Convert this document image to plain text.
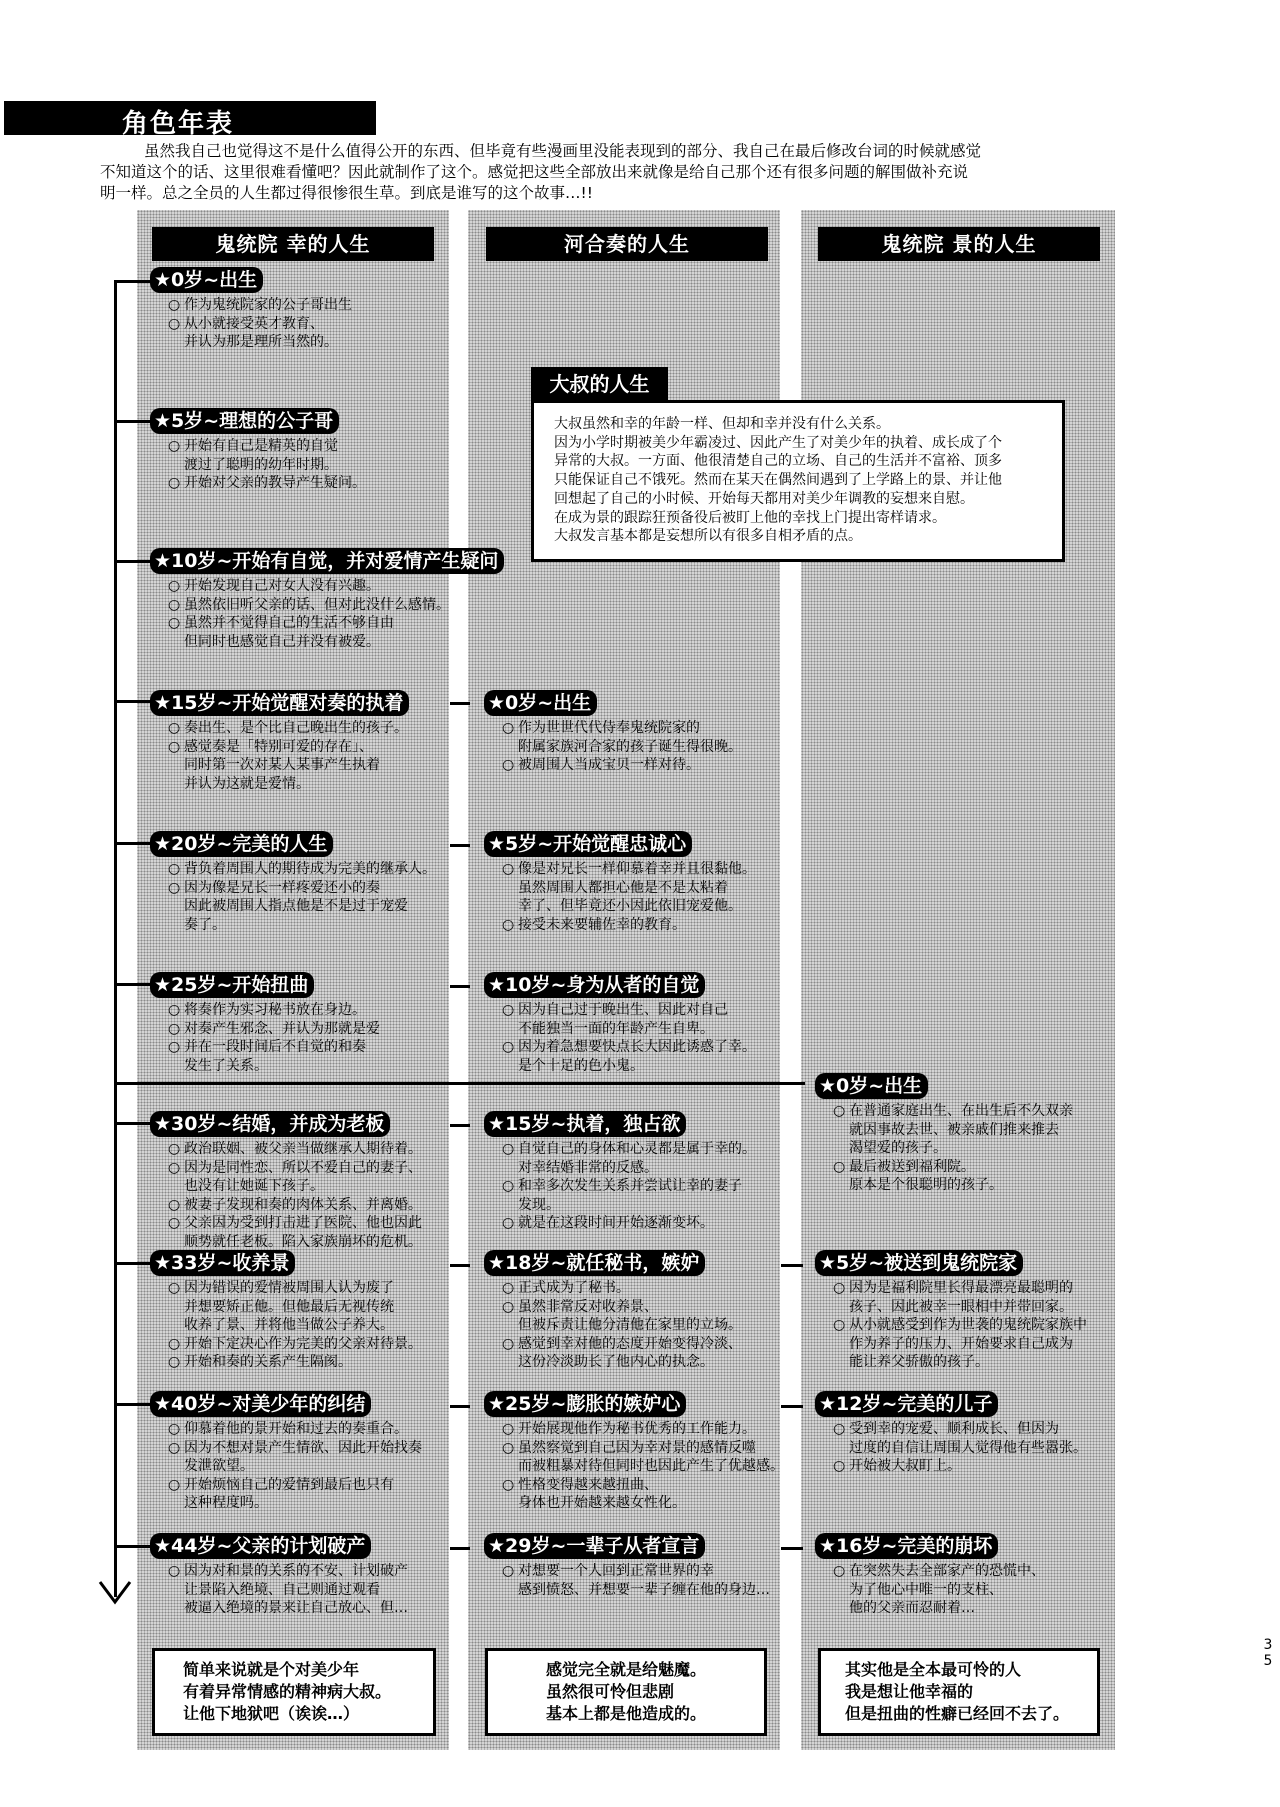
角色年表

虽然我自己也觉得这不是什么值得公开的东西、但毕竟有些漫画里没能表现到的部分、我自己在最后修改台词的时候就感觉

不知道这个的话、这里很难看懂吧？因此就制作了这个。感觉把这些全部放出来就像是给自己那个还有很多问题的解围做补充说

明一样。总之全员的人生都过得很惨很生草。到底是谁写的这个故事…!!

鬼统院 幸的人生	河合奏的人生	鬼统院 景的人生
★0岁~出生
○ 作为鬼统院家的公子哥出生
○ 从小就接受英才教育、
并认为那是理所当然的。
★5岁~理想的公子哥
○ 开始有自己是精英的自觉
渡过了聪明的幼年时期。
○ 开始对父亲的教导产生疑问。
★10岁~开始有自觉，并对爱情产生疑问
○ 开始发现自己对女人没有兴趣。
○ 虽然依旧听父亲的话、但对此没什么感情。
○ 虽然并不觉得自己的生活不够自由
但同时也感觉自己并没有被爱。
★15岁~开始觉醒对奏的执着
○ 奏出生、是个比自己晚出生的孩子。
○ 感觉奏是「特别可爱的存在」、
同时第一次对某人某事产生执着
并认为这就是爱情。
★20岁~完美的人生
○ 背负着周围人的期待成为完美的继承人。
○ 因为像是兄长一样疼爱还小的奏
因此被周围人指点他是不是过于宠爱
奏了。
★25岁~开始扭曲
○ 将奏作为实习秘书放在身边。
○ 对奏产生邪念、并认为那就是爱
○ 并在一段时间后不自觉的和奏
发生了关系。
★30岁~结婚，并成为老板
○ 政治联姻、被父亲当做继承人期待着。
○ 因为是同性恋、所以不爱自己的妻子、
也没有让她诞下孩子。
○ 被妻子发现和奏的肉体关系、并离婚。
○ 父亲因为受到打击进了医院、他也因此
顺势就任老板。陷入家族崩坏的危机。
★33岁~收养景
○ 因为错误的爱情被周围人认为废了
并想要矫正他。但他最后无视传统
收养了景、并将他当做公子养大。
○ 开始下定决心作为完美的父亲对待景。
○ 开始和奏的关系产生隔阂。
★40岁~对美少年的纠结
○ 仰慕着他的景开始和过去的奏重合。
○ 因为不想对景产生情欲、因此开始找奏
发泄欲望。
○ 开始烦恼自己的爱情到最后也只有
这种程度吗。
★44岁~父亲的计划破产
○ 因为对和景的关系的不安、计划破产
让景陷入绝境、自己则通过观看
被逼入绝境的景来让自己放心、但…
★0岁~出生
○ 作为世世代代侍奉鬼统院家的
附属家族河合家的孩子诞生得很晚。
○ 被周围人当成宝贝一样对待。
★5岁~开始觉醒忠诚心
○ 像是对兄长一样仰慕着幸并且很黏他。
虽然周围人都担心他是不是太粘着
幸了、但毕竟还小因此依旧宠爱他。
○ 接受未来要辅佐幸的教育。
★10岁~身为从者的自觉
○ 因为自己过于晚出生、因此对自己
不能独当一面的年龄产生自卑。
○ 因为着急想要快点长大因此诱惑了幸。
是个十足的色小鬼。
★15岁~执着，独占欲
○ 自觉自己的身体和心灵都是属于幸的。
对幸结婚非常的反感。
○ 和幸多次发生关系并尝试让幸的妻子
发现。
○ 就是在这段时间开始逐渐变坏。
★18岁~就任秘书，嫉妒
○ 正式成为了秘书。
○ 虽然非常反对收养景、
但被斥责让他分清他在家里的立场。
○ 感觉到幸对他的态度开始变得冷淡、
这份冷淡助长了他内心的执念。
★25岁~膨胀的嫉妒心
○ 开始展现他作为秘书优秀的工作能力。
○ 虽然察觉到自己因为幸对景的感情反噬
而被粗暴对待但同时也因此产生了优越感。
○ 性格变得越来越扭曲、
身体也开始越来越女性化。
★29岁~一辈子从者宣言
○ 对想要一个人回到正常世界的幸
感到愤怒、并想要一辈子缠在他的身边…
★0岁~出生
○ 在普通家庭出生、在出生后不久双亲
就因事故去世、被亲戚们推来推去
渴望爱的孩子。
○ 最后被送到福利院。
原本是个很聪明的孩子。
★5岁~被送到鬼统院家
○ 因为是福利院里长得最漂亮最聪明的
孩子、因此被幸一眼相中并带回家。
○ 从小就感受到作为世袭的鬼统院家族中
作为养子的压力、开始要求自己成为
能让养父骄傲的孩子。
★12岁~完美的儿子
○ 受到幸的宠爱、顺利成长、但因为
过度的自信让周围人觉得他有些嚣张。
○ 开始被大叔盯上。
★16岁~完美的崩坏
○ 在突然失去全部家产的恐慌中、
为了他心中唯一的支柱、
他的父亲而忍耐着…
大叔虽然和幸的年龄一样、但却和幸并没有什么关系。
因为小学时期被美少年霸凌过、因此产生了对美少年的执着、成长成了个
异常的大叔。一方面、他很清楚自己的立场、自己的生活并不富裕、顶多
只能保证自己不饿死。然而在某天在偶然间遇到了上学路上的景、并让他
回想起了自己的小时候、开始每天都用对美少年调教的妄想来自慰。
在成为景的跟踪狂预备役后被盯上他的幸找上门提出寄样请求。
大叔发言基本都是妄想所以有很多自相矛盾的点。
大叔的人生
简单来说就是个对美少年
有着异常情感的精神病大叔。
让他下地狱吧（诶诶…）
感觉完全就是给魅魔。
虽然很可怜但悲剧
基本上都是他造成的。
其实他是全本最可怜的人
我是想让他幸福的
但是扭曲的性癖已经回不去了。
3
5
